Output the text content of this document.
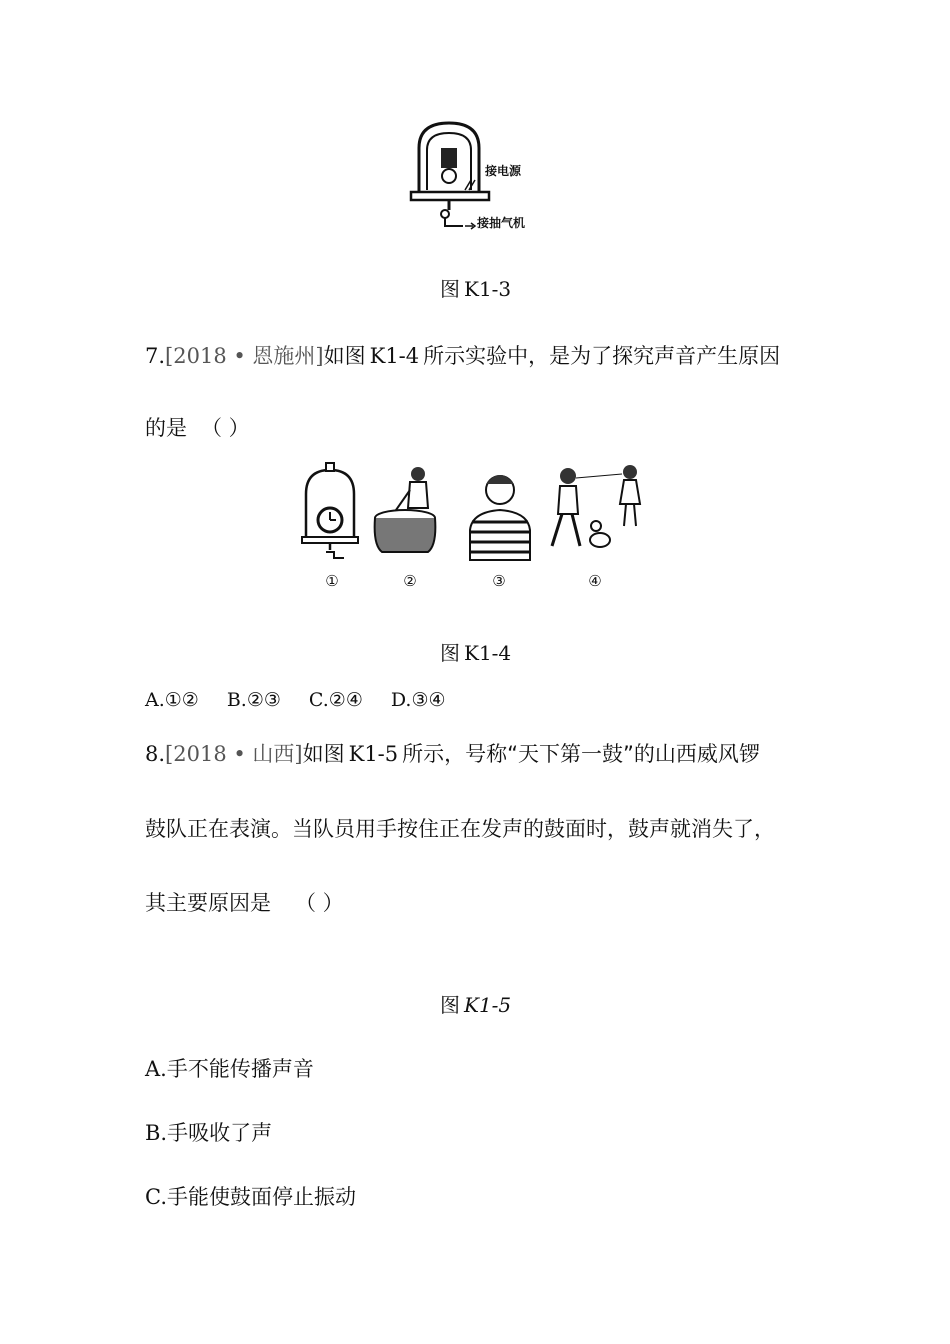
接电源
接抽气机
图 K1-3
7.[2018 • 恩施州]如图 K1-4 所示实验中，是为了探究声音产生原因
的是 （ ）
①	②	③	④
图 K1-4
A.①② B.②③ C.②④ D.③④
8.[2018 • 山西]如图 K1-5 所示，号称“天下第一鼓”的山西威风锣
鼓队正在表演。当队员用手按住正在发声的鼓面时，鼓声就消失了，
其主要原因是 （ ）
图 K1-5
A.手不能传播声音
B.手吸收了声
C.手能使鼓面停止振动
